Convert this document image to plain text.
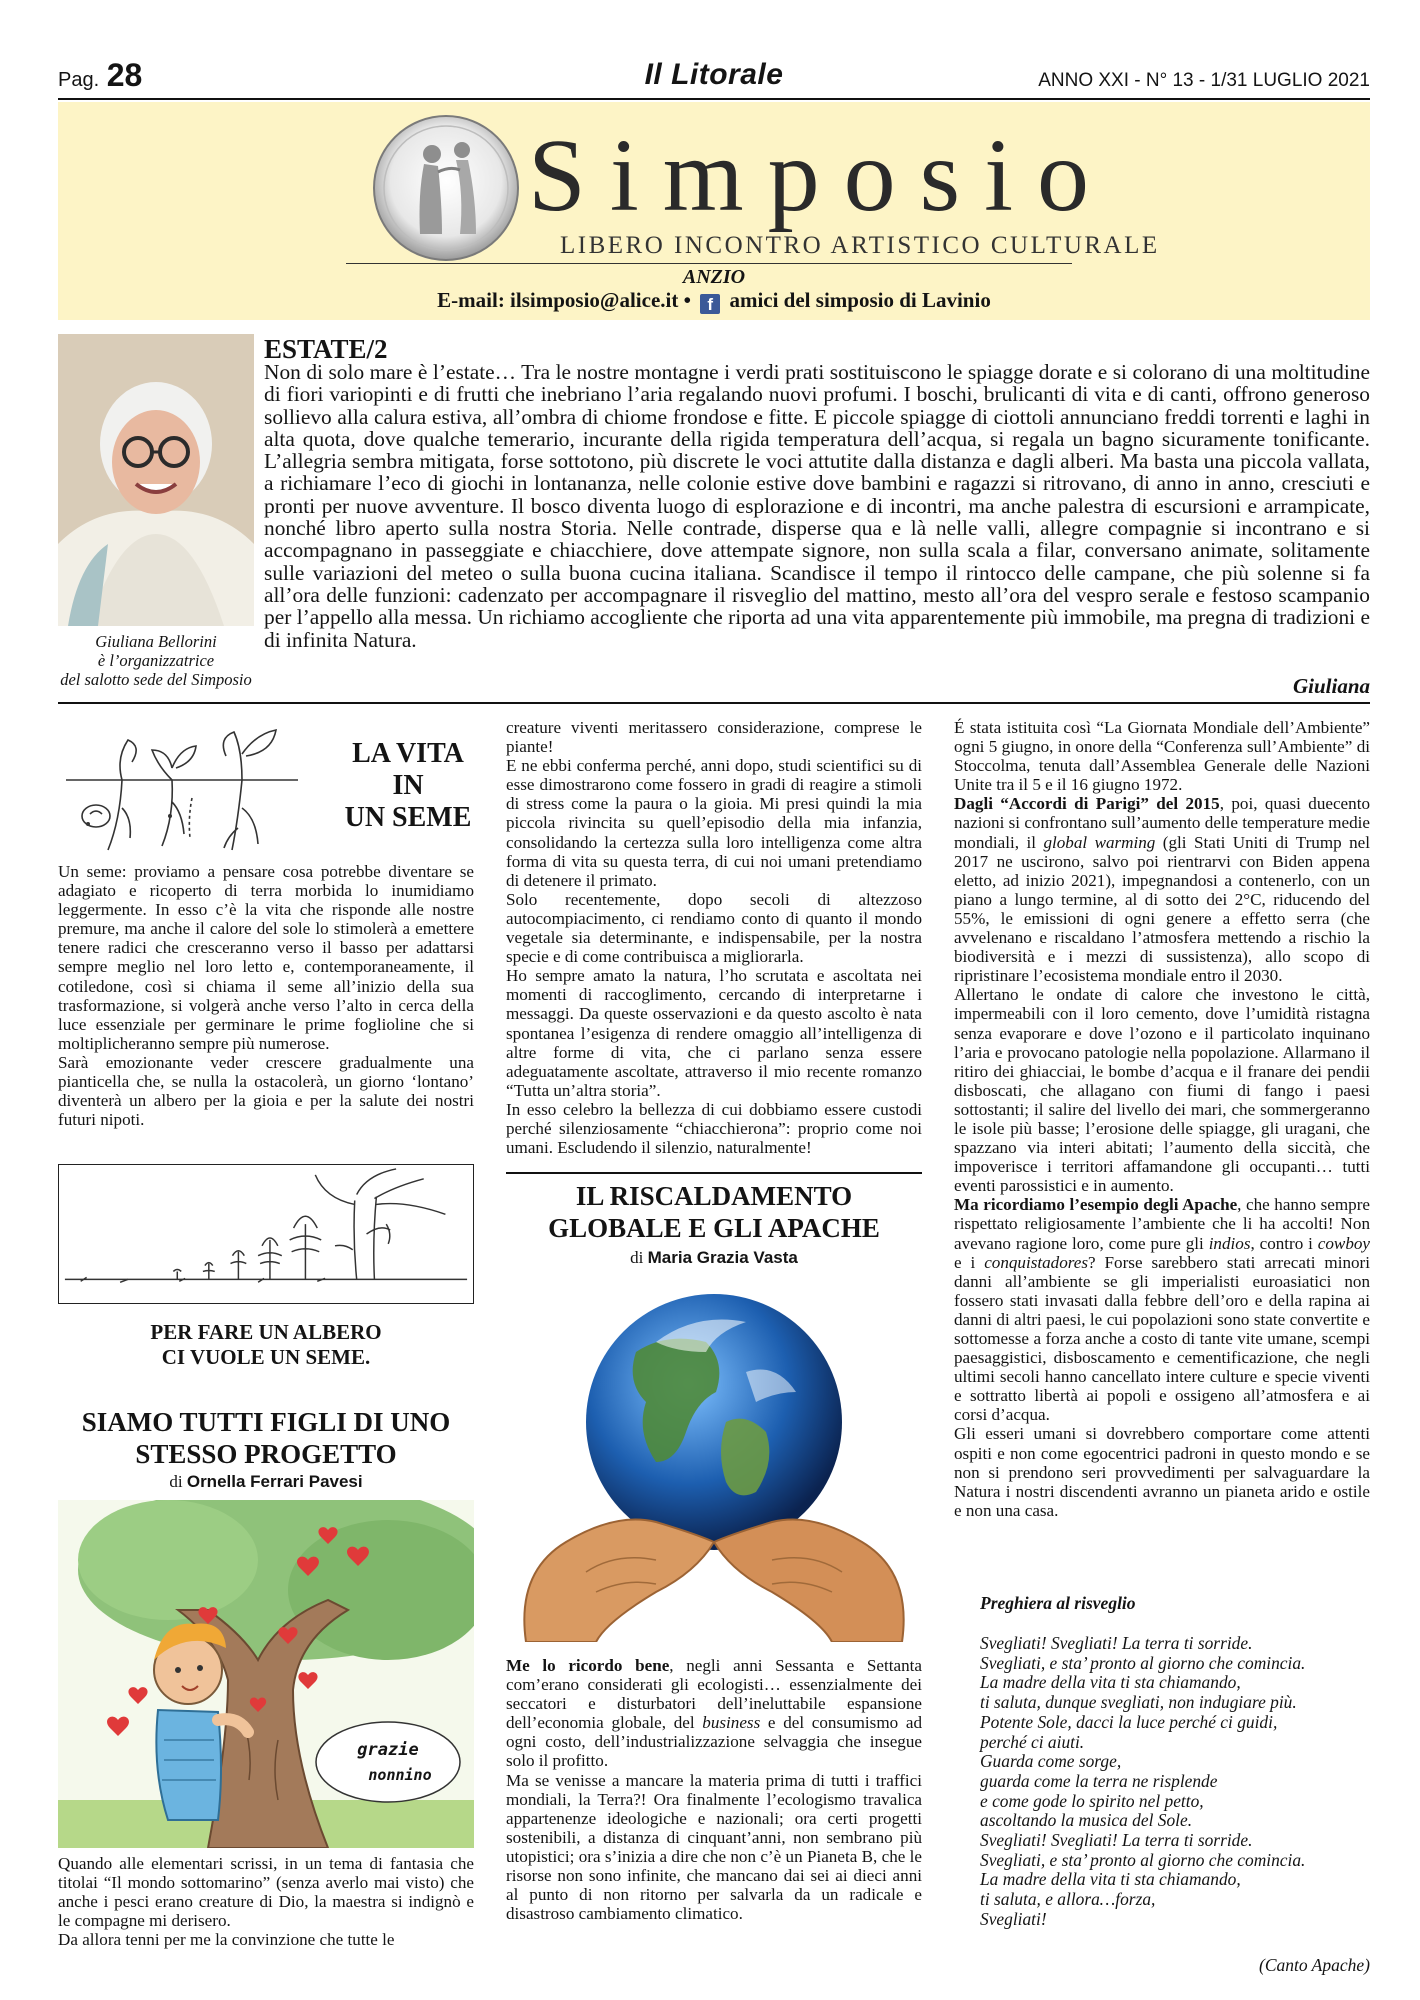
Pag. 28	Il Litorale	ANNO XXI - N° 13 - 1/31 LUGLIO 2021
Simposio
LIBERO INCONTRO ARTISTICO CULTURALE
ANZIO
E-mail: ilsimposio@alice.it • f amici del simposio di Lavinio
Giuliana Bellorini
è l’organizzatrice
del salotto sede del Simposio
ESTATE/2

Non di solo mare è l’estate… Tra le nostre montagne i verdi prati sostituiscono le spiagge dorate e si colorano di una moltitudine di fiori variopinti e di frutti che inebriano l’aria regalando nuovi profumi. I boschi, brulicanti di vita e di canti, offrono generoso sollievo alla calura estiva, all’ombra di chiome frondose e fitte. E piccole spiagge di ciottoli annunciano freddi torrenti e laghi in alta quota, dove qualche temerario, incurante della rigida temperatura dell’acqua, si regala un bagno sicuramente tonificante. L’allegria sembra mitigata, forse sottotono, più discrete le voci attutite dalla distanza e dagli alberi. Ma basta una piccola vallata, a richiamare l’eco di giochi in lontananza, nelle colonie estive dove bambini e ragazzi si ritrovano, di anno in anno, cresciuti e pronti per nuove avventure. Il bosco diventa luogo di esplorazione e di incontri, ma anche palestra di escursioni e arrampicate, nonché libro aperto sulla nostra Storia. Nelle contrade, disperse qua e là nelle valli, allegre compagnie si incontrano e si accompagnano in passeggiate e chiacchiere, dove attempate signore, non sulla scala a filar, conversano animate, solitamente sulle variazioni del meteo o sulla buona cucina italiana. Scandisce il tempo il rintocco delle campane, che più solenne si fa all’ora delle funzioni: cadenzato per accompagnare il risveglio del mattino, mesto all’ora del vespro serale e festoso scampanio per l’appello alla messa. Un richiamo accogliente che riporta ad una vita apparentemente più immobile, ma pregna di tradizioni e di infinita Natura.

Giuliana
LA VITA
IN
UN SEME

Un seme: proviamo a pensare cosa potrebbe diventare se adagiato e ricoperto di terra morbida lo inumidiamo leggermente. In esso c’è la vita che risponde alle nostre premure, ma anche il calore del sole lo stimolerà a emettere tenere radici che cresceranno verso il basso per adattarsi sempre meglio nel loro letto e, contemporaneamente, il cotiledone, così si chiama il seme all’inizio della sua trasformazione, si volgerà anche verso l’alto in cerca della luce essenziale per germinare le prime foglioline che si moltiplicheranno sempre più numerose.

Sarà emozionante veder crescere gradualmente una pianticella che, se nulla la ostacolerà, un giorno ‘lontano’ diventerà un albero per la gioia e per la salute dei nostri futuri nipoti.

PER FARE UN ALBERO
CI VUOLE UN SEME.
SIAMO TUTTI FIGLI DI UNO
STESSO PROGETTO
di Ornella Ferrari Pavesi
grazie
nonnino

Quando alle elementari scrissi, in un tema di fantasia che titolai “Il mondo sottomarino” (senza averlo mai visto) che anche i pesci erano creature di Dio, la maestra si indignò e le compagne mi derisero.

Da allora tenni per me la convinzione che tutte le

creature viventi meritassero considerazione, comprese le piante!

E ne ebbi conferma perché, anni dopo, studi scientifici su di esse dimostrarono come fossero in gradi di reagire a stimoli di stress come la paura o la gioia. Mi presi quindi la mia piccola rivincita su quell’episodio della mia infanzia, consolidando la certezza sulla loro intelligenza come altra forma di vita su questa terra, di cui noi umani pretendiamo di detenere il primato.

Solo recentemente, dopo secoli di altezzoso autocompiacimento, ci rendiamo conto di quanto il mondo vegetale sia determinante, e indispensabile, per la nostra specie e di come contribuisca a migliorarla.

Ho sempre amato la natura, l’ho scrutata e ascoltata nei momenti di raccoglimento, cercando di interpretarne i messaggi. Da queste osservazioni e da questo ascolto è nata spontanea l’esigenza di rendere omaggio all’intelligenza di altre forme di vita, che ci parlano senza essere adeguatamente ascoltate, attraverso il mio recente romanzo “Tutta un’altra storia”.

In esso celebro la bellezza di cui dobbiamo essere custodi perché silenziosamente “chiacchierona”: proprio come noi umani. Escludendo il silenzio, naturalmente!

IL RISCALDAMENTO
GLOBALE E GLI APACHE
di Maria Grazia Vasta

Me lo ricordo bene, negli anni Sessanta e Settanta com’erano considerati gli ecologisti… essenzialmente dei seccatori e disturbatori dell’ineluttabile espansione dell’economia globale, del business e del consumismo ad ogni costo, dell’industrializzazione selvaggia che insegue solo il profitto.

Ma se venisse a mancare la materia prima di tutti i traffici mondiali, la Terra?! Ora finalmente l’ecologismo travalica appartenenze ideologiche e nazionali; ora certi progetti sostenibili, a distanza di cinquant’anni, non sembrano più utopistici; ora s’inizia a dire che non c’è un Pianeta B, che le risorse non sono infinite, che mancano dai sei ai dieci anni al punto di non ritorno per salvarla da un radicale e disastroso cambiamento climatico.

É stata istituita così “La Giornata Mondiale dell’Ambiente” ogni 5 giugno, in onore della “Conferenza sull’Ambiente” di Stoccolma, tenuta dall’Assemblea Generale delle Nazioni Unite tra il 5 e il 16 giugno 1972.

Dagli “Accordi di Parigi” del 2015, poi, quasi duecento nazioni si confrontano sull’aumento delle temperature medie mondiali, il global warming (gli Stati Uniti di Trump nel 2017 ne uscirono, salvo poi rientrarvi con Biden appena eletto, ad inizio 2021), impegnandosi a contenerlo, con un piano a lungo termine, al di sotto dei 2°C, riducendo del 55%, le emissioni di ogni genere a effetto serra (che avvelenano e riscaldano l’atmosfera mettendo a rischio la biodiversità e i mezzi di sussistenza), allo scopo di ripristinare l’ecosistema mondiale entro il 2030.

Allertano le ondate di calore che investono le città, impermeabili con il loro cemento, dove l’umidità ristagna senza evaporare e dove l’ozono e il particolato inquinano l’aria e provocano patologie nella popolazione. Allarmano il ritiro dei ghiacciai, le bombe d’acqua e il franare dei pendii disboscati, che allagano con fiumi di fango i paesi sottostanti; il salire del livello dei mari, che sommergeranno le isole più basse; l’erosione delle spiagge, gli uragani, che spazzano via interi abitati; l’aumento della siccità, che impoverisce i territori affamandone gli occupanti… tutti eventi parossistici e in aumento.

Ma ricordiamo l’esempio degli Apache, che hanno sempre rispettato religiosamente l’ambiente che li ha accolti! Non avevano ragione loro, come pure gli indios, contro i cowboy e i conquistadores? Forse sarebbero stati arrecati minori danni all’ambiente se gli imperialisti euroasiatici non fossero stati invasati dalla febbre dell’oro e della rapina ai danni di altri paesi, le cui popolazioni sono state convertite e sottomesse a forza anche a costo di tante vite umane, scempi paesaggistici, disboscamento e cementificazione, che negli ultimi secoli hanno cancellato intere culture e specie viventi e sottratto libertà ai popoli e ossigeno all’atmosfera e ai corsi d’acqua.

Gli esseri umani si dovrebbero comportare come attenti ospiti e non come egocentrici padroni in questo mondo e se non si prendono seri provvedimenti per salvaguardare la Natura i nostri discendenti avranno un pianeta arido e ostile e non una casa.

Preghiera al risveglio
Svegliati! Svegliati! La terra ti sorride.
Svegliati, e sta’ pronto al giorno che comincia.
La madre della vita ti sta chiamando,
ti saluta, dunque svegliati, non indugiare più.
Potente Sole, dacci la luce perché ci guidi,
perché ci aiuti.
Guarda come sorge,
guarda come la terra ne risplende
e come gode lo spirito nel petto,
ascoltando la musica del Sole.
Svegliati! Svegliati! La terra ti sorride.
Svegliati, e sta’ pronto al giorno che comincia.
La madre della vita ti sta chiamando,
ti saluta, e allora…forza,
Svegliati!
(Canto Apache)
